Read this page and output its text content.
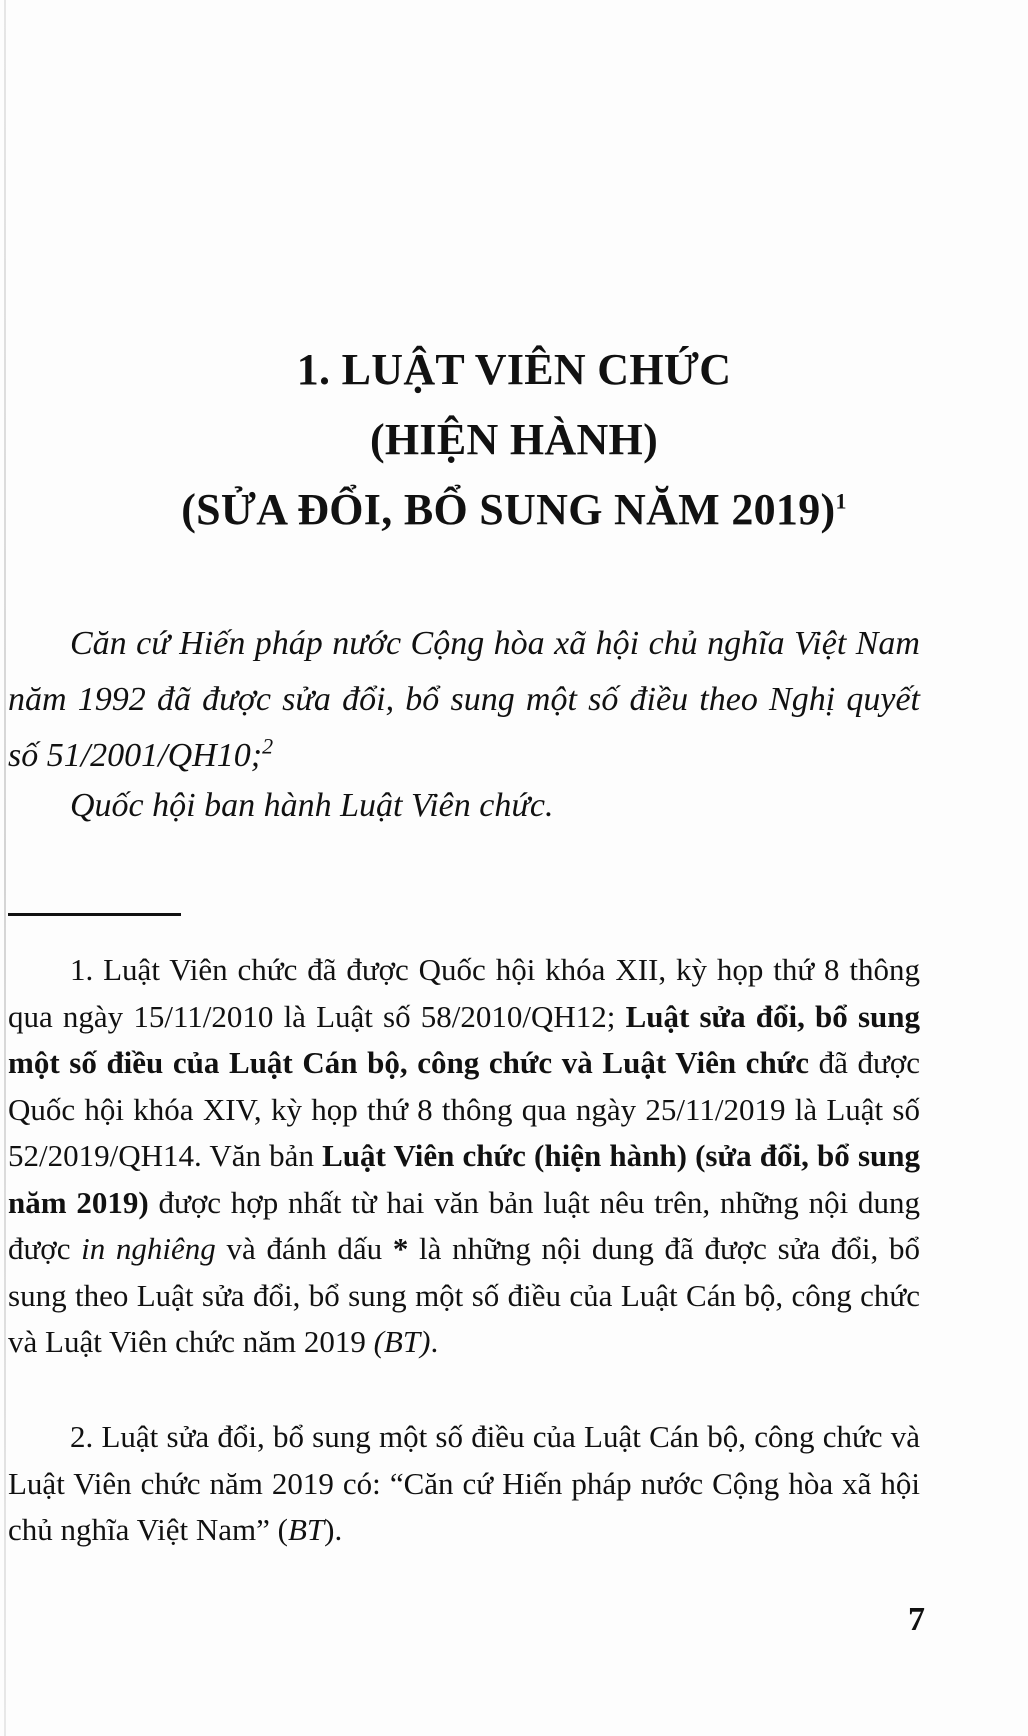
1. LUẬT VIÊN CHỨC
(HIỆN HÀNH)
(SỬA ĐỔI, BỔ SUNG NĂM 2019)$^1$

Căn cứ Hiến pháp nước Cộng hòa xã hội chủ nghĩa Việt Nam năm 1992 đã được sửa đổi, bổ sung một số điều theo Nghị quyết số 51/2001/QH10;$^2$

Quốc hội ban hành Luật Viên chức.

1. Luật Viên chức đã được Quốc hội khóa XII, kỳ họp thứ 8 thông qua ngày 15/11/2010 là Luật số 58/2010/QH12; Luật sửa đổi, bổ sung một số điều của Luật Cán bộ, công chức và Luật Viên chức đã được Quốc hội khóa XIV, kỳ họp thứ 8 thông qua ngày 25/11/2019 là Luật số 52/2019/QH14. Văn bản Luật Viên chức (hiện hành) (sửa đổi, bổ sung năm 2019) được hợp nhất từ hai văn bản luật nêu trên, những nội dung được in nghiêng và đánh dấu * là những nội dung đã được sửa đổi, bổ sung theo Luật sửa đổi, bổ sung một số điều của Luật Cán bộ, công chức và Luật Viên chức năm 2019 (BT).

2. Luật sửa đổi, bổ sung một số điều của Luật Cán bộ, công chức và Luật Viên chức năm 2019 có: “Căn cứ Hiến pháp nước Cộng hòa xã hội chủ nghĩa Việt Nam” (BT).

7
